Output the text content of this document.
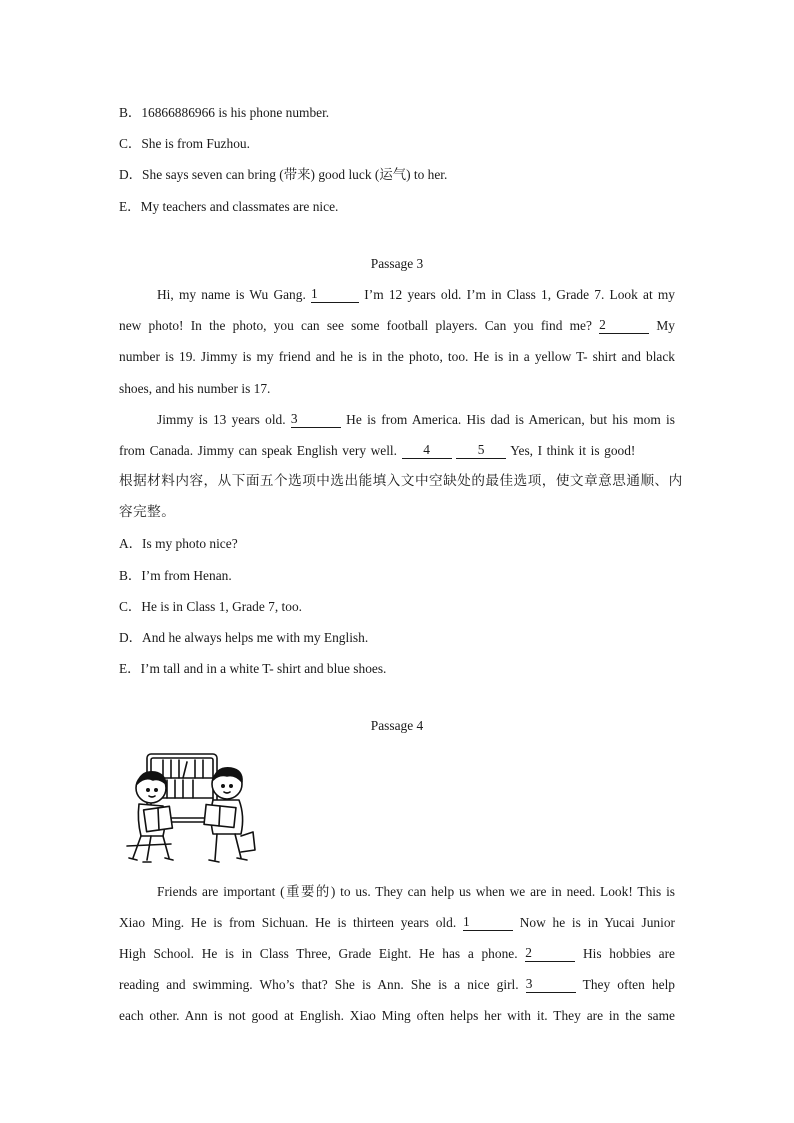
B．16866886966 is his phone number.
C．She is from Fuzhou.
D．She says seven can bring (带来) good luck (运气) to her.
E．My teachers and classmates are nice.
Passage 3
Hi, my name is Wu Gang. 1	I’m 12 years old. I’m in Class 1, Grade 7. Look at my
new photo! In the photo, you can see some football players. Can you find me? 2	My
number is 19. Jimmy is my friend and he is in the photo, too. He is in a yellow T- shirt and black
shoes, and his number is 17.
Jimmy is 13 years old. 3	He is from America. His dad is American, but his mom is
from Canada. Jimmy can speak English very well. 4	5 Yes, I think it is good!
根据材料内容，从下面五个选项中选出能填入文中空缺处的最佳选项，使文章意思通顺、内
容完整。
A．Is my photo nice?
B．I’m from Henan.
C．He is in Class 1, Grade 7, too.
D．And he always helps me with my English.
E．I’m tall and in a white T- shirt and blue shoes.
Passage 4
Friends are important (重要的) to us. They can help us when we are in need. Look! This is
Xiao Ming. He is from Sichuan. He is thirteen years old. 1	Now he is in Yucai Junior
High School. He is in Class Three, Grade Eight. He has a phone. 2	His hobbies are
reading and swimming. Who’s that? She is Ann. She is a nice girl. 3	They often help
each other. Ann is not good at English. Xiao Ming often helps her with it. They are in the same
